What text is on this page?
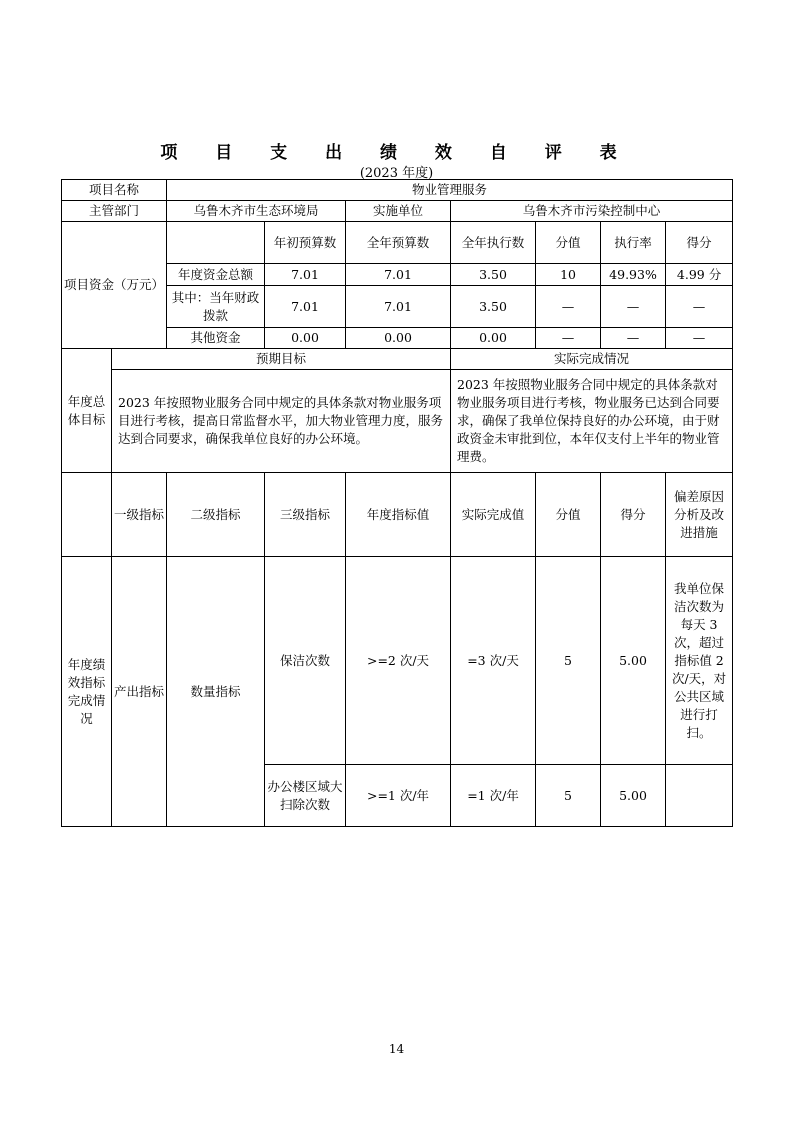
项 目 支 出 绩 效 自 评 表
(2023 年度)
项目名称		物业管理服务						
主管部门		乌鲁木齐市生态环境局		实施单位	乌鲁木齐市污染控制中心			
项目资金（万元）			年初预算数	全年预算数	全年执行数	分值	执行率	得分
		年度资金总额	7.01	7.01	3.50	10	49.93%	4.99 分
		其中：当年财政拨款	7.01	7.01	3.50	—	—	—
		其他资金	0.00	0.00	0.00	—	—	—
年度总体目标	预期目标				实际完成情况			
	2023 年按照物业服务合同中规定的具体条款对物业服务项目进行考核，提高日常监督水平，加大物业管理力度，服务达到合同要求，确保我单位良好的办公环境。				2023 年按照物业服务合同中规定的具体条款对物业服务项目进行考核，物业服务已达到合同要求，确保了我单位保持良好的办公环境，由于财政资金未审批到位，本年仅支付上半年的物业管理费。			
	一级指标	二级指标	三级指标	年度指标值	实际完成值	分值	得分	偏差原因分析及改进措施
年度绩效指标完成情况	产出指标	数量指标	保洁次数	>=2 次/天	=3 次/天	5	5.00	我单位保洁次数为每天 3 次，超过指标值 2 次/天，对公共区域进行打扫。
			办公楼区域大扫除次数	>=1 次/年	=1 次/年	5	5.00	
14
